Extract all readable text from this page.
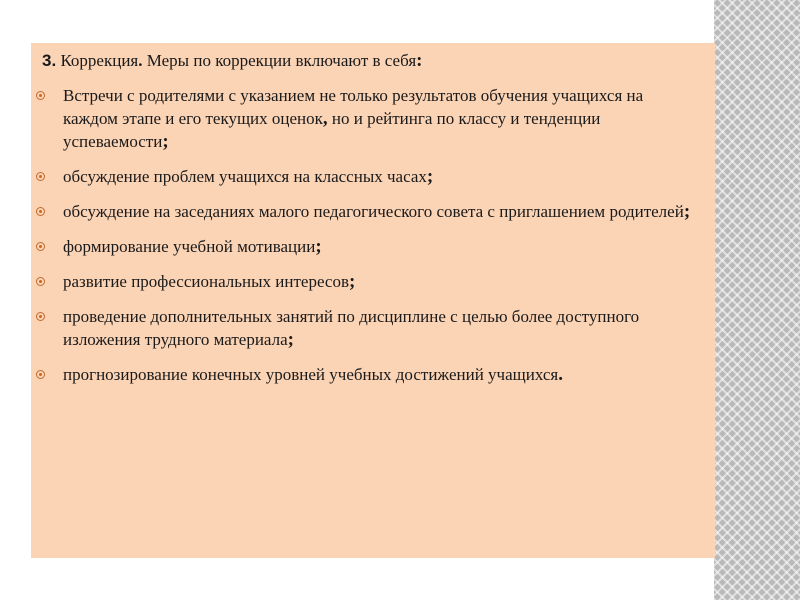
3. Коррекция. Меры по коррекции включают в себя:
Встречи с родителями с указанием не только результатов обучения учащихся на каждом этапе и его текущих оценок, но и рейтинга по классу и тенденции успеваемости;
обсуждение проблем учащихся на классных часах;
обсуждение на заседаниях малого педагогического совета с приглашением родителей;
формирование учебной мотивации;
развитие профессиональных интересов;
проведение дополнительных занятий по дисциплине с целью более доступного изложения трудного материала;
прогнозирование конечных уровней учебных достижений учащихся.
